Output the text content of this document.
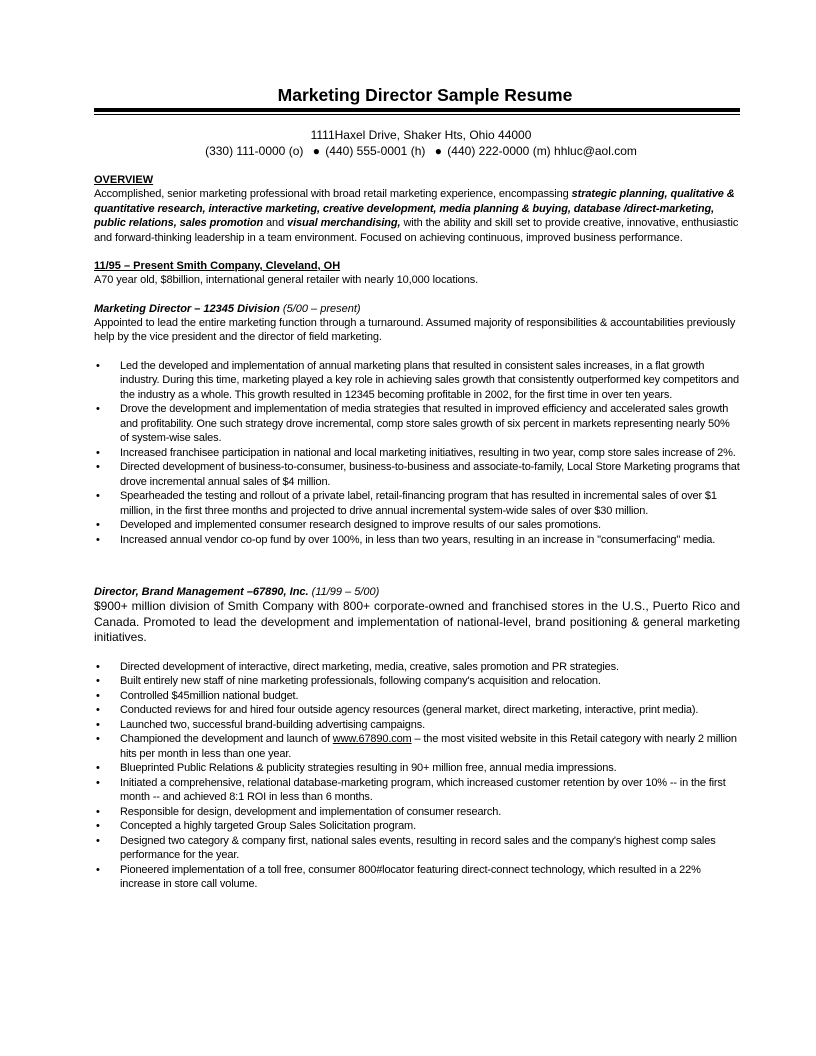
Marketing Director Sample Resume
1111Haxel Drive, Shaker Hts, Ohio 44000
(330) 111-0000 (o) ● (440) 555-0001 (h) ● (440) 222-0000 (m) hhluc@aol.com
OVERVIEW
Accomplished, senior marketing professional with broad retail marketing experience, encompassing strategic planning, qualitative & quantitative research, interactive marketing, creative development, media planning & buying, database /direct-marketing, public relations, sales promotion and visual merchandising, with the ability and skill set to provide creative, innovative, enthusiastic and forward-thinking leadership in a team environment. Focused on achieving continuous, improved business performance.
11/95 – Present Smith Company, Cleveland, OH
A70 year old, $8billion, international general retailer with nearly 10,000 locations.
Marketing Director – 12345 Division (5/00 – present)
Appointed to lead the entire marketing function through a turnaround. Assumed majority of responsibilities & accountabilities previously help by the vice president and the director of field marketing.
• Led the developed and implementation of annual marketing plans that resulted in consistent sales increases, in a flat growth industry. During this time, marketing played a key role in achieving sales growth that consistently outperformed key competitors and the industry as a whole. This growth resulted in 12345 becoming profitable in 2002, for the first time in over ten years.
• Drove the development and implementation of media strategies that resulted in improved efficiency and accelerated sales growth and profitability. One such strategy drove incremental, comp store sales growth of six percent in markets representing nearly 50% of system-wise sales.
• Increased franchisee participation in national and local marketing initiatives, resulting in two year, comp store sales increase of 2%.
• Directed development of business-to-consumer, business-to-business and associate-to-family, Local Store Marketing programs that drove incremental annual sales of $4 million.
• Spearheaded the testing and rollout of a private label, retail-financing program that has resulted in incremental sales of over $1 million, in the first three months and projected to drive annual incremental system-wide sales of over $30 million.
• Developed and implemented consumer research designed to improve results of our sales promotions.
• Increased annual vendor co-op fund by over 100%, in less than two years, resulting in an increase in "consumerfacing" media.
Director, Brand Management –67890, Inc. (11/99 – 5/00)
$900+ million division of Smith Company with 800+ corporate-owned and franchised stores in the U.S., Puerto Rico and Canada. Promoted to lead the development and implementation of national-level, brand positioning & general marketing initiatives.
• Directed development of interactive, direct marketing, media, creative, sales promotion and PR strategies.
• Built entirely new staff of nine marketing professionals, following company's acquisition and relocation.
• Controlled $45million national budget.
• Conducted reviews for and hired four outside agency resources (general market, direct marketing, interactive, print media).
• Launched two, successful brand-building advertising campaigns.
• Championed the development and launch of www.67890.com – the most visited website in this Retail category with nearly 2 million hits per month in less than one year.
• Blueprinted Public Relations & publicity strategies resulting in 90+ million free, annual media impressions.
• Initiated a comprehensive, relational database-marketing program, which increased customer retention by over 10% -- in the first month -- and achieved 8:1 ROI in less than 6 months.
• Responsible for design, development and implementation of consumer research.
• Concepted a highly targeted Group Sales Solicitation program.
• Designed two category & company first, national sales events, resulting in record sales and the company's highest comp sales performance for the year.
• Pioneered implementation of a toll free, consumer 800#locator featuring direct-connect technology, which resulted in a 22% increase in store call volume.
